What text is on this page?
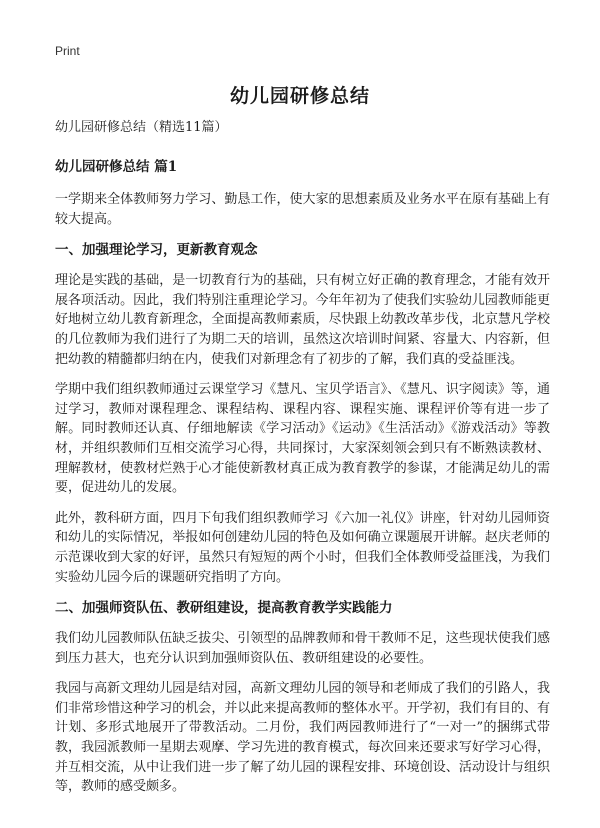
Print
幼儿园研修总结

幼儿园研修总结（精选11篇）

幼儿园研修总结 篇1

一学期来全体教师努力学习、勤恳工作，使大家的思想素质及业务水平在原有基础上有较大提高。

一、加强理论学习，更新教育观念

理论是实践的基础，是一切教育行为的基础，只有树立好正确的教育理念，才能有效开展各项活动。因此，我们特别注重理论学习。今年年初为了使我们实验幼儿园教师能更好地树立幼儿教育新理念，全面提高教师素质，尽快跟上幼教改革步伐，北京慧凡学校的几位教师为我们进行了为期二天的培训，虽然这次培训时间紧、容量大、内容新，但把幼教的精髓都归纳在内，使我们对新理念有了初步的了解，我们真的受益匪浅。

学期中我们组织教师通过云课堂学习《慧凡、宝贝学语言》、《慧凡、识字阅读》等，通过学习，教师对课程理念、课程结构、课程内容、课程实施、课程评价等有进一步了解。同时教师还认真、仔细地解读《学习活动》《运动》《生活活动》《游戏活动》等教材，并组织教师们互相交流学习心得，共同探讨，大家深刻领会到只有不断熟读教材、理解教材，使教材烂熟于心才能使新教材真正成为教育教学的参谋，才能满足幼儿的需要，促进幼儿的发展。

此外，教科研方面，四月下旬我们组织教师学习《六加一礼仪》讲座，针对幼儿园师资和幼儿的实际情况，举报如何创建幼儿园的特色及如何确立课题展开讲解。赵庆老师的示范课收到大家的好评，虽然只有短短的两个小时，但我们全体教师受益匪浅，为我们实验幼儿园今后的课题研究指明了方向。

二、加强师资队伍、教研组建设，提高教育教学实践能力

我们幼儿园教师队伍缺乏拔尖、引领型的品牌教师和骨干教师不足，这些现状使我们感到压力甚大，也充分认识到加强师资队伍、教研组建设的必要性。

我园与高新文理幼儿园是结对园，高新文理幼儿园的领导和老师成了我们的引路人，我们非常珍惜这种学习的机会，并以此来提高教师的整体水平。开学初，我们有目的、有计划、多形式地展开了带教活动。二月份，我们两园教师进行了“一对一”的捆绑式带教，我园派教师一星期去观摩、学习先进的教育模式，每次回来还要求写好学习心得，并互相交流，从中让我们进一步了解了幼儿园的课程安排、环境创设、活动设计与组织等，教师的感受颇多。
